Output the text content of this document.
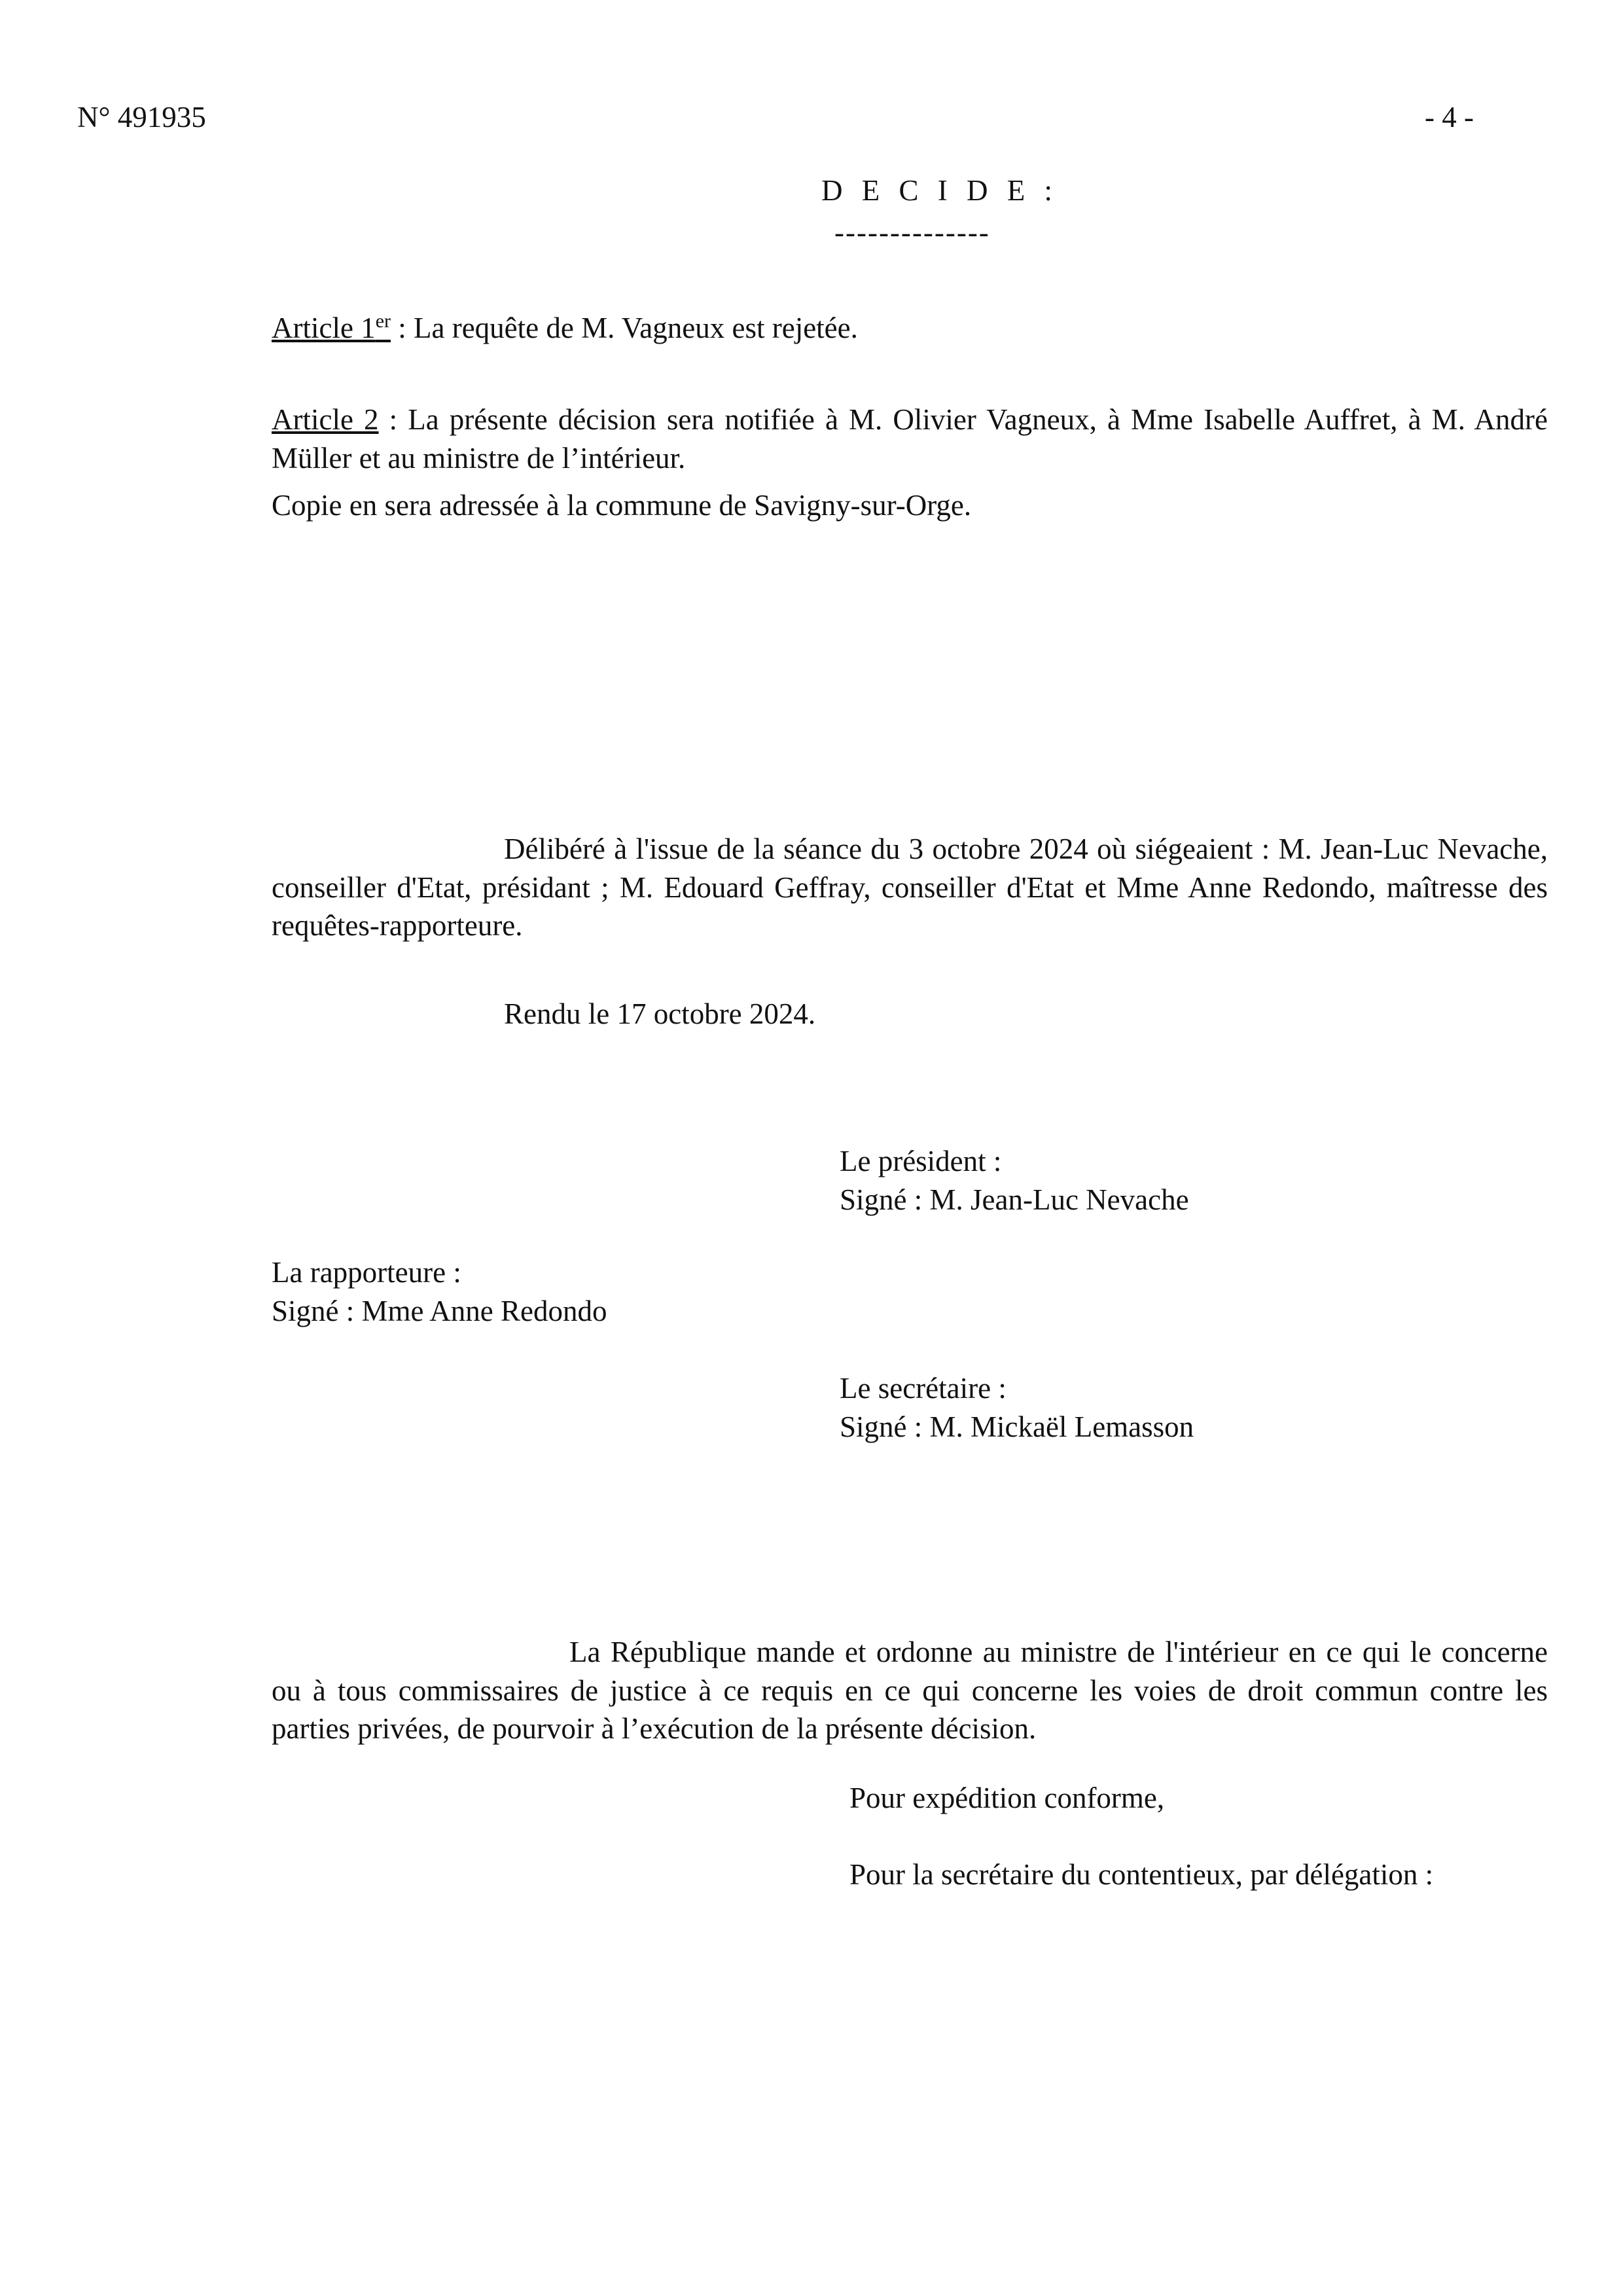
N° 491935	- 4 -
D E C I D E :
--------------

Article 1er : La requête de M. Vagneux est rejetée.

Article 2 : La présente décision sera notifiée à M. Olivier Vagneux, à Mme Isabelle Auffret, à M. André Müller et au ministre de l’intérieur.

Copie en sera adressée à la commune de Savigny-sur-Orge.

Délibéré à l'issue de la séance du 3 octobre 2024 où siégeaient : M. Jean-Luc Nevache, conseiller d'Etat, présidant ; M. Edouard Geffray, conseiller d'Etat et Mme Anne Redondo, maîtresse des requêtes-rapporteure.

Rendu le 17 octobre 2024.

Le président :
Signé : M. Jean-Luc Nevache
La rapporteure :
Signé : Mme Anne Redondo
Le secrétaire :
Signé : M. Mickaël Lemasson

La République mande et ordonne au ministre de l'intérieur en ce qui le concerne ou à tous commissaires de justice à ce requis en ce qui concerne les voies de droit commun contre les parties privées, de pourvoir à l’exécution de la présente décision.

Pour expédition conforme,
Pour la secrétaire du contentieux, par délégation :
